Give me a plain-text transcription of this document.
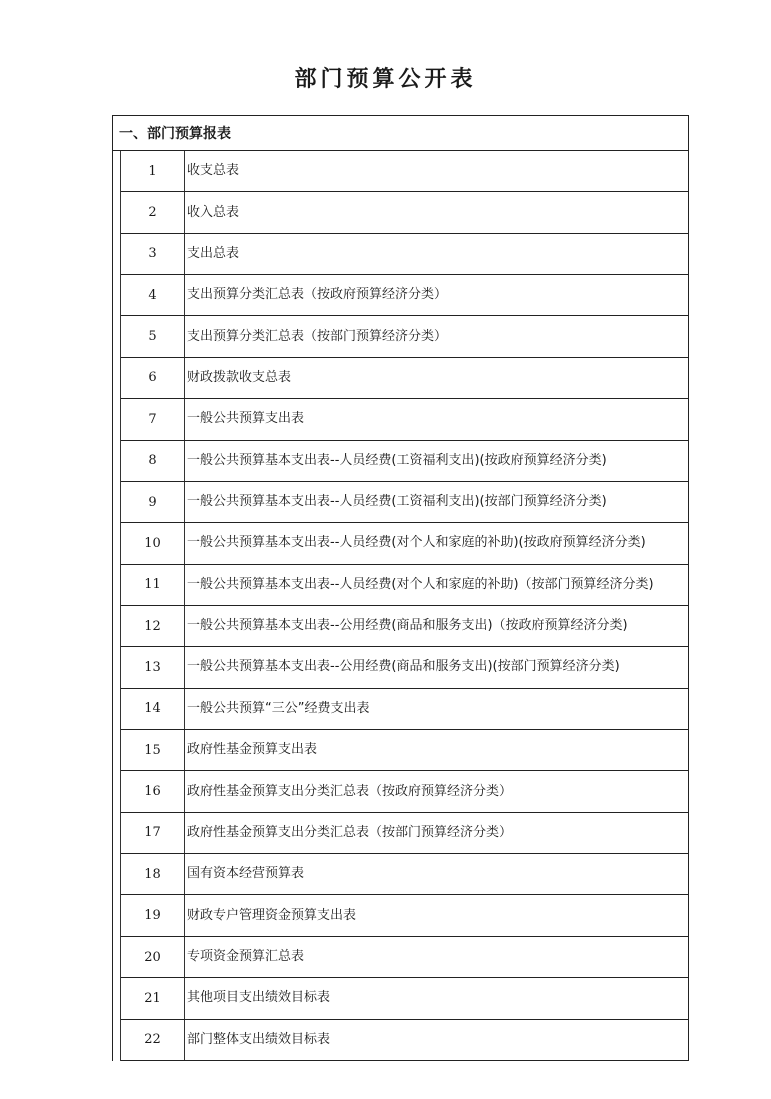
部门预算公开表
一、部门预算报表
1	收支总表
2	收入总表
3	支出总表
4	支出预算分类汇总表（按政府预算经济分类）
5	支出预算分类汇总表（按部门预算经济分类）
6	财政拨款收支总表
7	一般公共预算支出表
8	一般公共预算基本支出表--人员经费(工资福利支出)(按政府预算经济分类)
9	一般公共预算基本支出表--人员经费(工资福利支出)(按部门预算经济分类)
10	一般公共预算基本支出表--人员经费(对个人和家庭的补助)(按政府预算经济分类)
11	一般公共预算基本支出表--人员经费(对个人和家庭的补助)（按部门预算经济分类)
12	一般公共预算基本支出表--公用经费(商品和服务支出)（按政府预算经济分类)
13	一般公共预算基本支出表--公用经费(商品和服务支出)(按部门预算经济分类)
14	一般公共预算“三公”经费支出表
15	政府性基金预算支出表
16	政府性基金预算支出分类汇总表（按政府预算经济分类）
17	政府性基金预算支出分类汇总表（按部门预算经济分类）
18	国有资本经营预算表
19	财政专户管理资金预算支出表
20	专项资金预算汇总表
21	其他项目支出绩效目标表
22	部门整体支出绩效目标表
